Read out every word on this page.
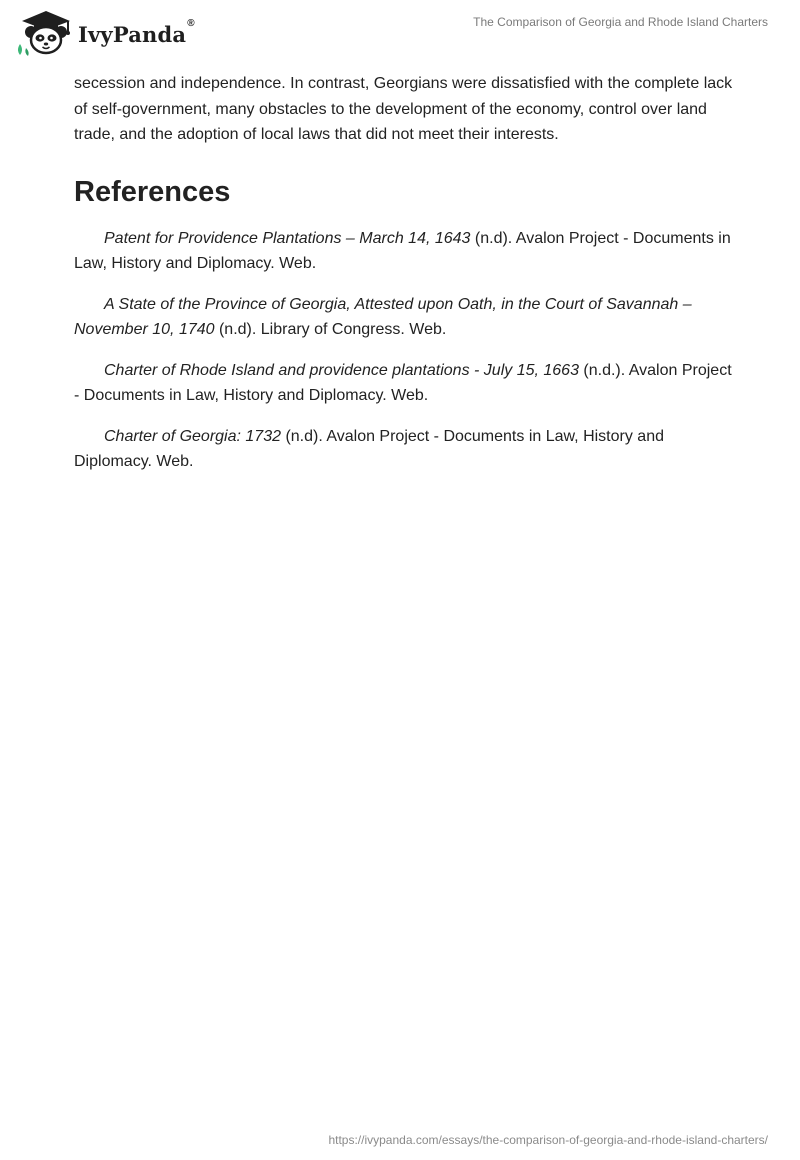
IvyPanda®	The Comparison of Georgia and Rhode Island Charters

secession and independence. In contrast, Georgians were dissatisfied with the complete lack of self-government, many obstacles to the development of the economy, control over land trade, and the adoption of local laws that did not meet their interests.

References

Patent for Providence Plantations – March 14, 1643 (n.d). Avalon Project - Documents in Law, History and Diplomacy. Web.

A State of the Province of Georgia, Attested upon Oath, in the Court of Savannah – November 10, 1740 (n.d). Library of Congress. Web.

Charter of Rhode Island and providence plantations - July 15, 1663 (n.d.). Avalon Project - Documents in Law, History and Diplomacy. Web.

Charter of Georgia: 1732 (n.d). Avalon Project - Documents in Law, History and Diplomacy. Web.

https://ivypanda.com/essays/the-comparison-of-georgia-and-rhode-island-charters/
